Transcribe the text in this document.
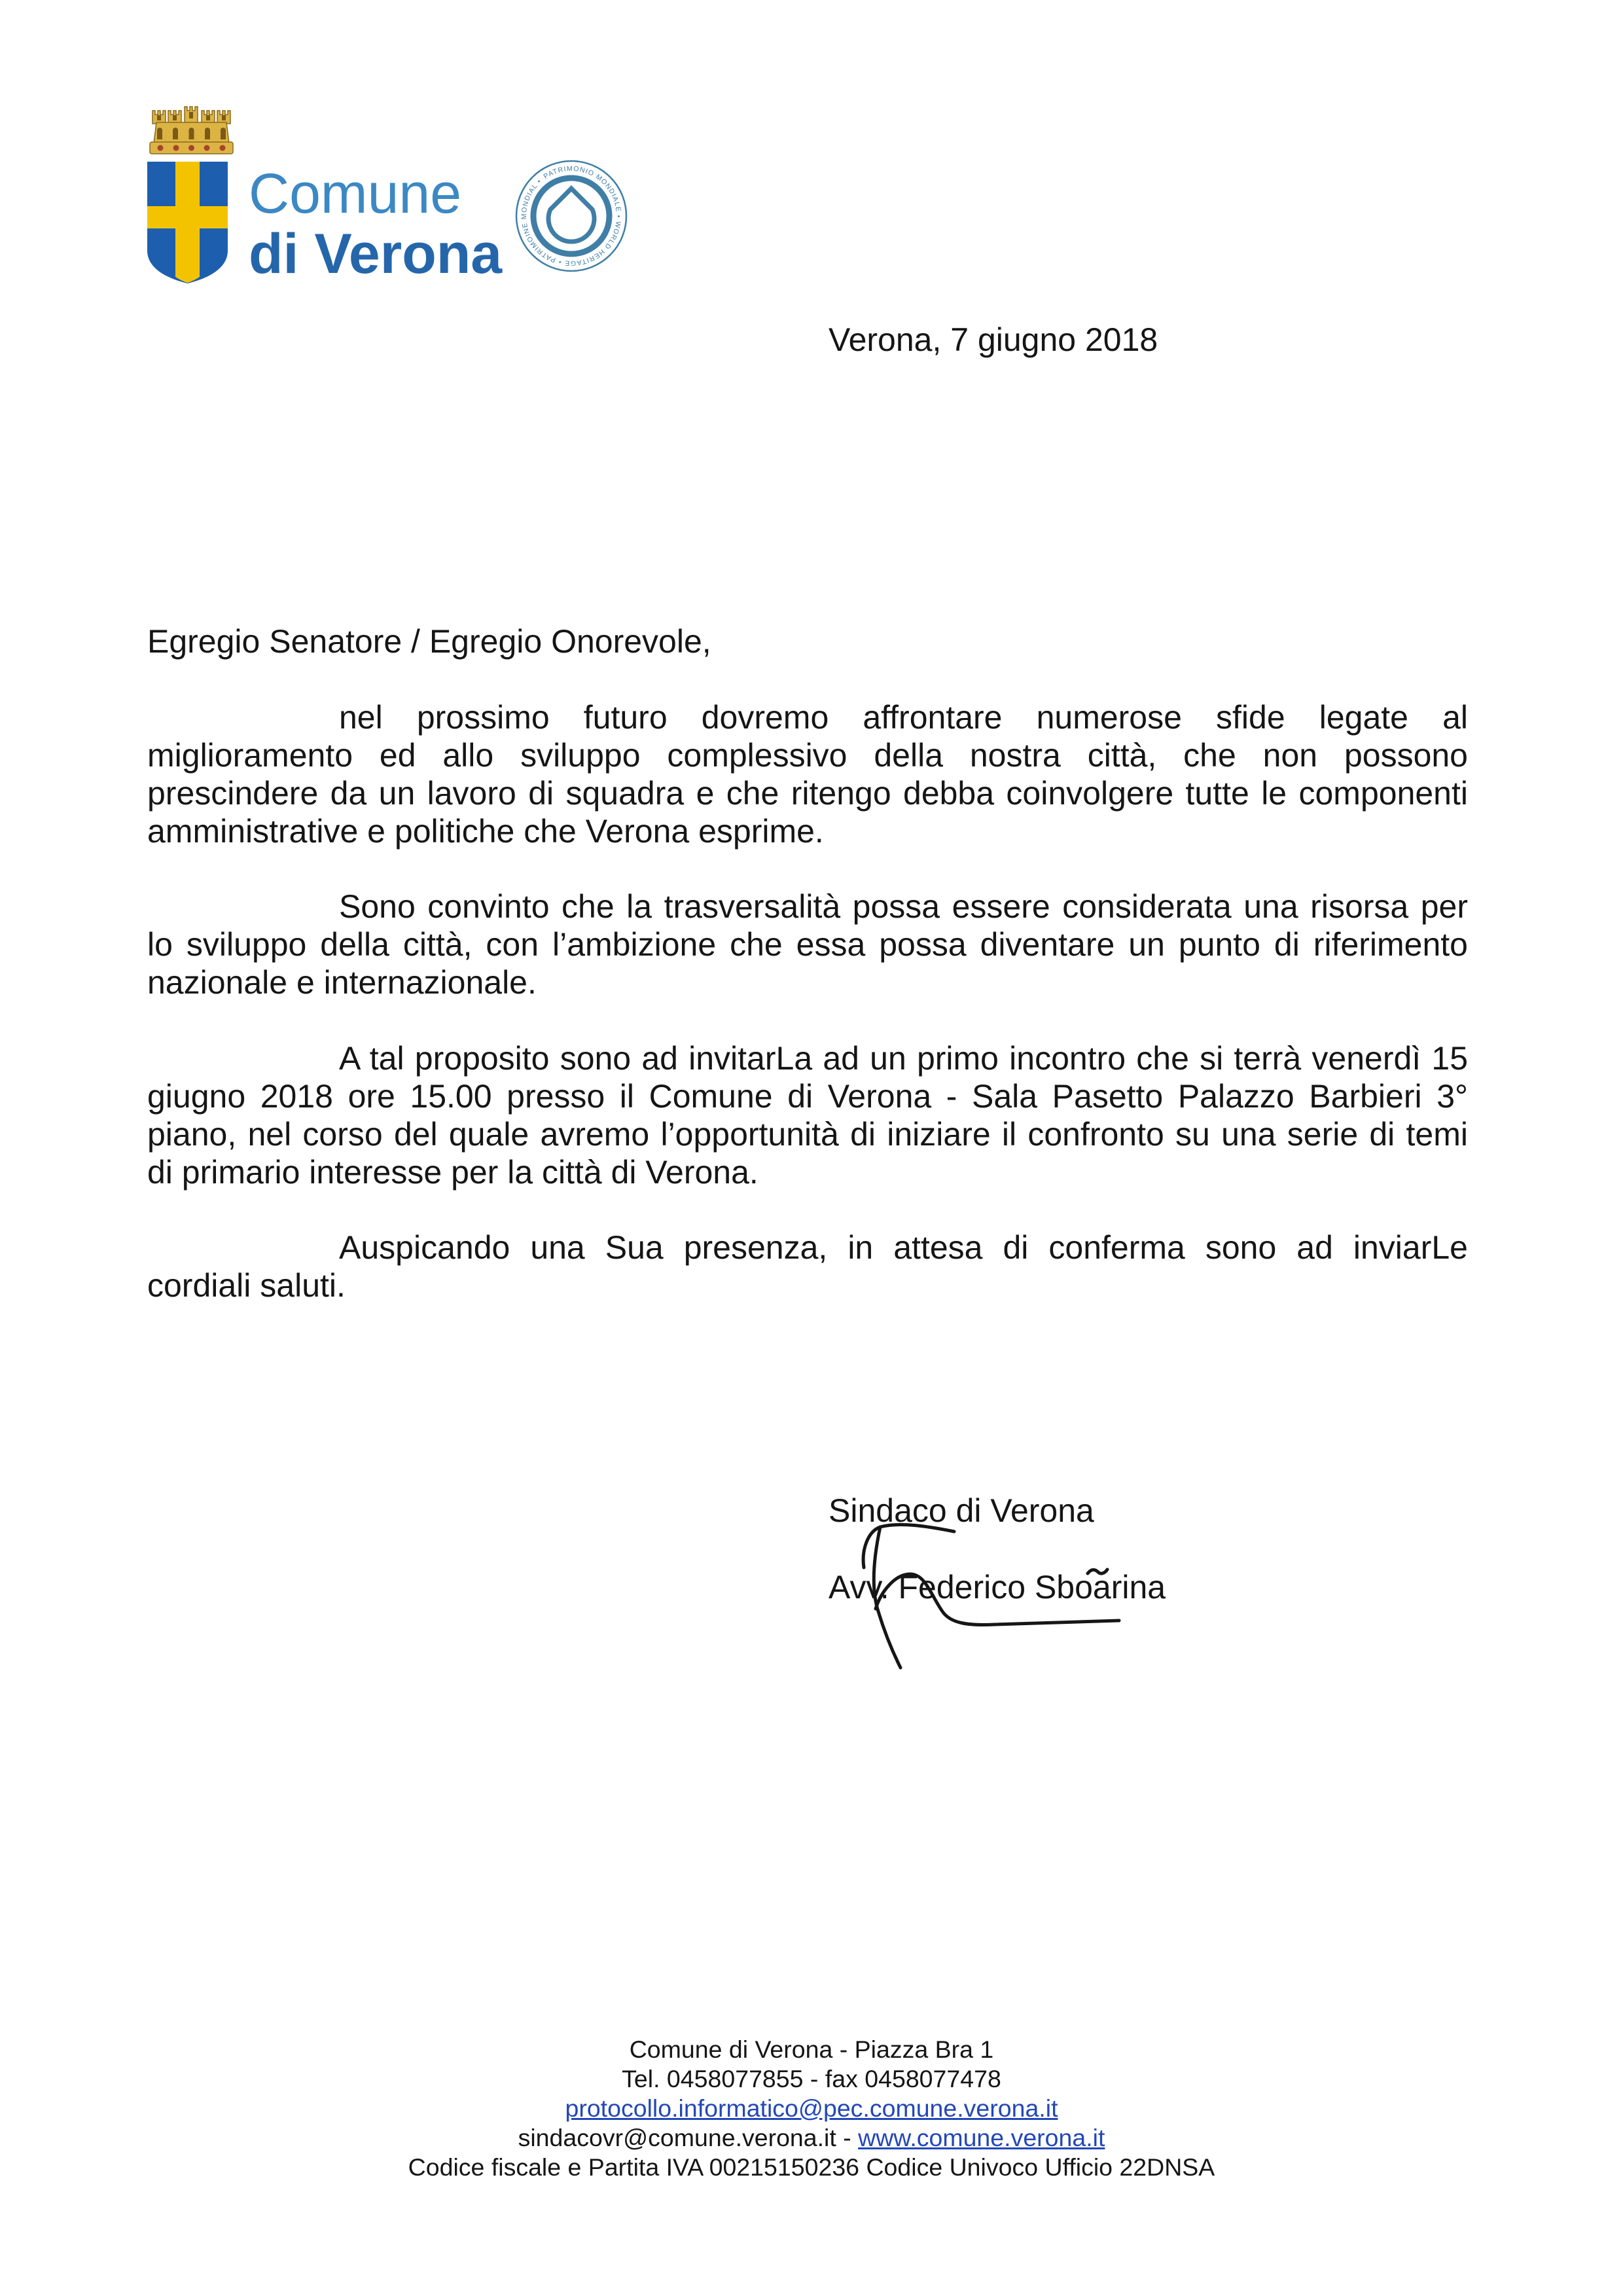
Comune
di Verona
PATRIMONIO MONDIALE • WORLD HERITAGE • PATRIMOINE MONDIAL •
Verona, 7 giugno 2018
Egregio Senatore / Egregio Onorevole,
nel prossimo futuro dovremo affrontare numerose sfide legate al
miglioramento ed allo sviluppo complessivo della nostra città, che non possono
prescindere da un lavoro di squadra e che ritengo debba coinvolgere tutte le componenti
amministrative e politiche che Verona esprime.
Sono convinto che la trasversalità possa essere considerata una risorsa per
lo sviluppo della città, con l’ambizione che essa possa diventare un punto di riferimento
nazionale e internazionale.
A tal proposito sono ad invitarLa ad un primo incontro che si terrà venerdì 15
giugno 2018 ore 15.00 presso il Comune di Verona - Sala Pasetto Palazzo Barbieri 3°
piano, nel corso del quale avremo l’opportunità di iniziare il confronto su una serie di temi
di primario interesse per la città di Verona.
Auspicando una Sua presenza, in attesa di conferma sono ad inviarLe
cordiali saluti.
Sindaco di Verona
Avv. Federico Sboarina
Comune di Verona - Piazza Bra 1
Tel. 0458077855 - fax 0458077478
protocollo.informatico@pec.comune.verona.it
sindacovr@comune.verona.it - www.comune.verona.it
Codice fiscale e Partita IVA 00215150236 Codice Univoco Ufficio 22DNSA
